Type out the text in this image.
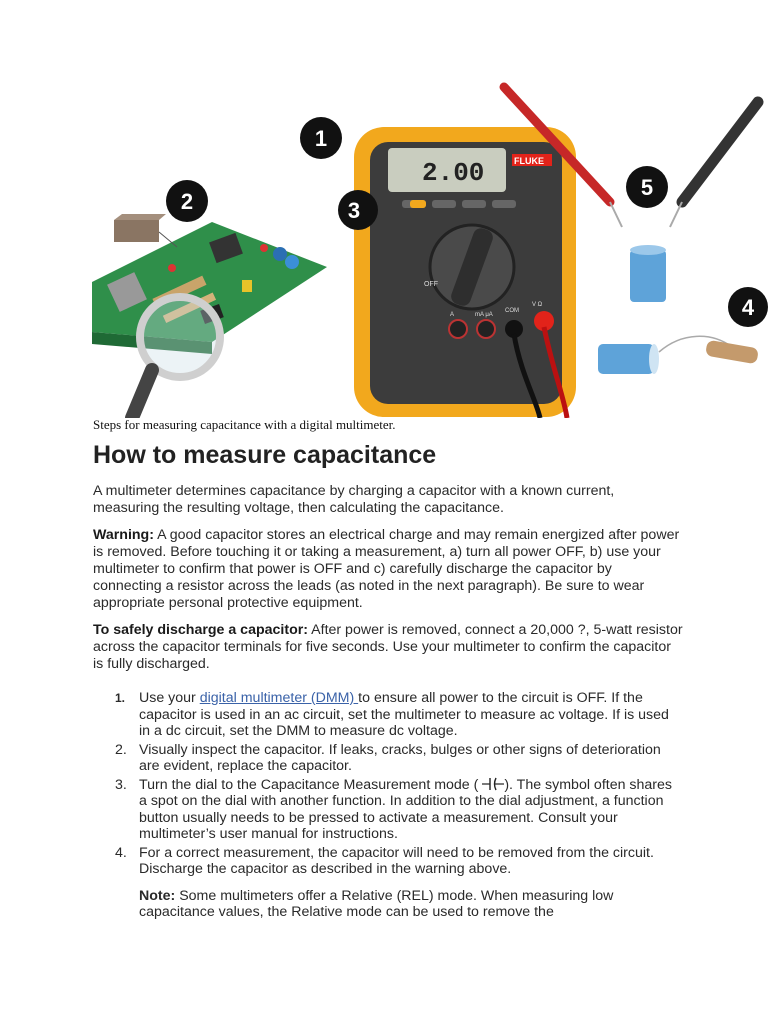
2.00	FLUKE
OFF
A	mA μA
COM
V Ω
1
2	3
4
5
Steps for measuring capacitance with a digital multimeter.
How to measure capacitance

A multimeter determines capacitance by charging a capacitor with a known current, measuring the resulting voltage, then calculating the capacitance.

Warning: A good capacitor stores an electrical charge and may remain energized after power is removed. Before touching it or taking a measurement, a) turn all power OFF, b) use your multimeter to confirm that power is OFF and c) carefully discharge the capacitor by connecting a resistor across the leads (as noted in the next paragraph). Be sure to wear appropriate personal protective equipment.

To safely discharge a capacitor: After power is removed, connect a 20,000 ?, 5-watt resistor across the capacitor terminals for five seconds. Use your multimeter to confirm the capacitor is fully discharged.

1. Use your digital multimeter (DMM) to ensure all power to the circuit is OFF. If the capacitor is used in an ac circuit, set the multimeter to measure ac voltage. If is used in a dc circuit, set the DMM to measure dc voltage.
2. Visually inspect the capacitor. If leaks, cracks, bulges or other signs of deterioration are evident, replace the capacitor.
3. Turn the dial to the Capacitance Measurement mode ( ). The symbol often shares a spot on the dial with another function. In addition to the dial adjustment, a function button usually needs to be pressed to activate a measurement. Consult your multimeter’s user manual for instructions.
4. For a correct measurement, the capacitor will need to be removed from the circuit. Discharge the capacitor as described in the warning above.
Note: Some multimeters offer a Relative (REL) mode. When measuring low capacitance values, the Relative mode can be used to remove the
